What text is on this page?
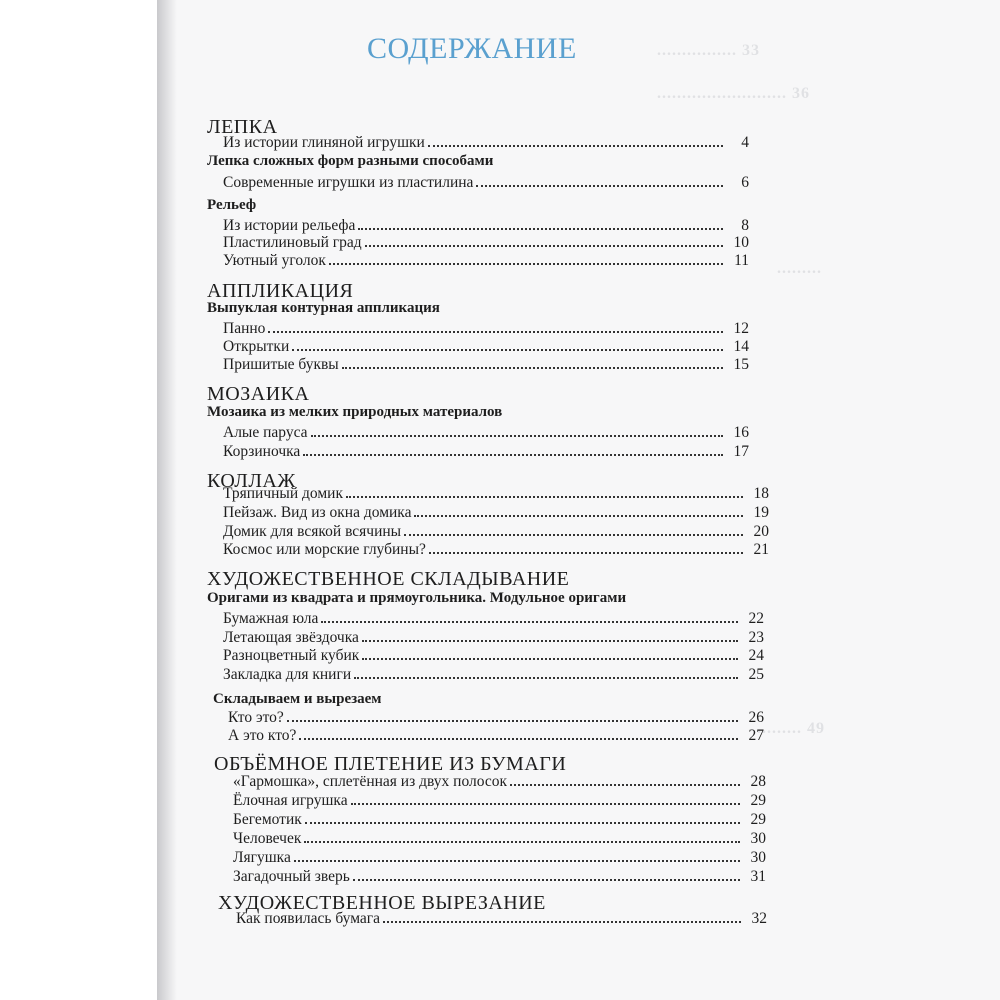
................ 33
.......................... 36
.........
......... 49
СОДЕРЖАНИЕ
ЛЕПКА
Из истории глиняной игрушки	4
Лепка сложных форм разными способами
Современные игрушки из пластилина	6
Рельеф
Из истории рельефа	8
Пластилиновый град	10
Уютный уголок	11
АППЛИКАЦИЯ
Выпуклая контурная аппликация
Панно	12
Открытки	14
Пришитые буквы	15
МОЗАИКА
Мозаика из мелких природных материалов
Алые паруса	16
Корзиночка	17
КОЛЛАЖ
Тряпичный домик	18
Пейзаж. Вид из окна домика	19
Домик для всякой всячины	20
Космос или морские глубины?	21
ХУДОЖЕСТВЕННОЕ СКЛАДЫВАНИЕ
Оригами из квадрата и прямоугольника. Модульное оригами
Бумажная юла	22
Летающая звёздочка	23
Разноцветный кубик	24
Закладка для книги	25
Складываем и вырезаем
Кто это?	26
А это кто?	27
ОБЪЁМНОЕ ПЛЕТЕНИЕ ИЗ БУМАГИ
«Гармошка», сплетённая из двух полосок	28
Ёлочная игрушка	29
Бегемотик	29
Человечек	30
Лягушка	30
Загадочный зверь	31
ХУДОЖЕСТВЕННОЕ ВЫРЕЗАНИЕ
Как появилась бумага	32
